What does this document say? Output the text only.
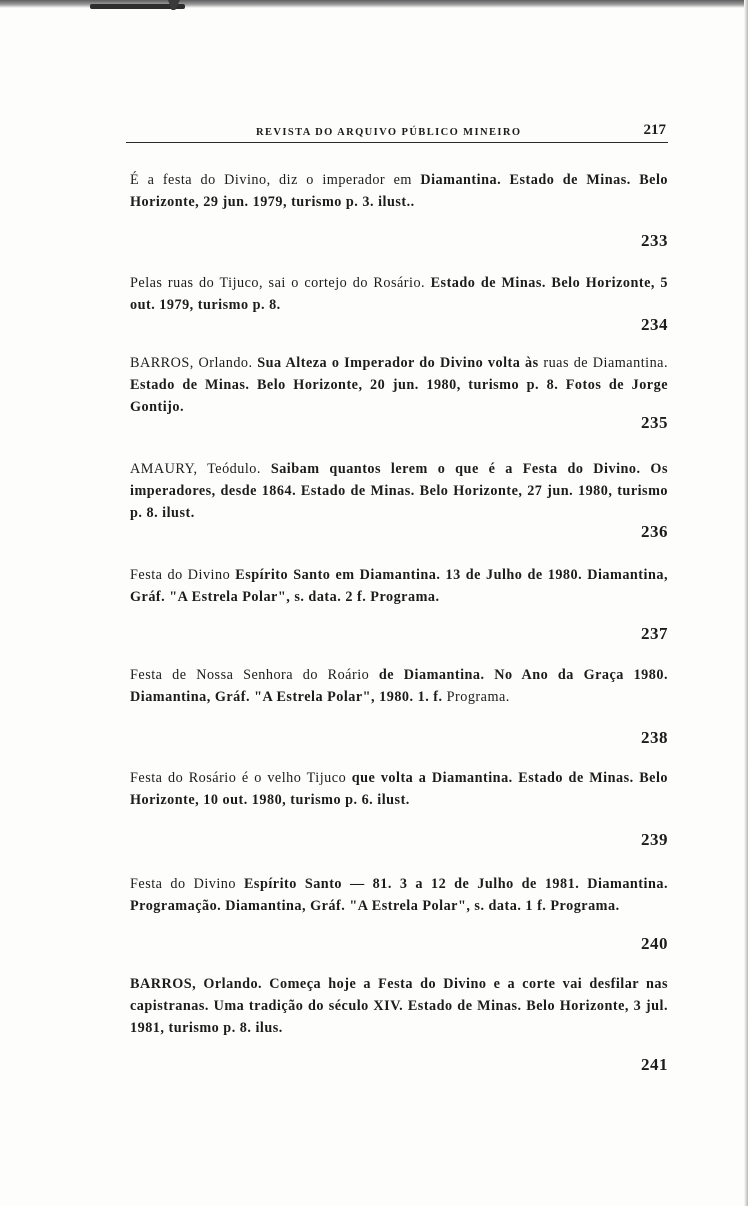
REVISTA DO ARQUIVO PÚBLICO MINEIRO	217

É a festa do Divino, diz o imperador em Diamantina. Estado de Minas. Belo Horizonte, 29 jun. 1979, turismo p. 3. ilust..

233

Pelas ruas do Tijuco, sai o cortejo do Rosário. Estado de Minas. Belo Horizonte, 5 out. 1979, turismo p. 8.

234

BARROS, Orlando. Sua Alteza o Imperador do Divino volta às ruas de Diamantina. Estado de Minas. Belo Horizonte, 20 jun. 1980, turismo p. 8. Fotos de Jorge Gontijo.

235

AMAURY, Teódulo. Saibam quantos lerem o que é a Festa do Divino. Os imperadores, desde 1864. Estado de Minas. Belo Horizonte, 27 jun. 1980, turismo p. 8. ilust.

236

Festa do Divino Espírito Santo em Diamantina. 13 de Julho de 1980. Diamantina, Gráf. "A Estrela Polar", s. data. 2 f. Programa.

237

Festa de Nossa Senhora do Roário de Diamantina. No Ano da Graça 1980. Diamantina, Gráf. "A Estrela Polar", 1980. 1. f. Programa.

238

Festa do Rosário é o velho Tijuco que volta a Diamantina. Estado de Minas. Belo Horizonte, 10 out. 1980, turismo p. 6. ilust.

239

Festa do Divino Espírito Santo — 81. 3 a 12 de Julho de 1981. Diamantina. Programação. Diamantina, Gráf. "A Estrela Polar", s. data. 1 f. Programa.

240

BARROS, Orlando. Começa hoje a Festa do Divino e a corte vai desfilar nas capistranas. Uma tradição do século XIV. Estado de Minas. Belo Horizonte, 3 jul. 1981, turismo p. 8. ilus.

241
